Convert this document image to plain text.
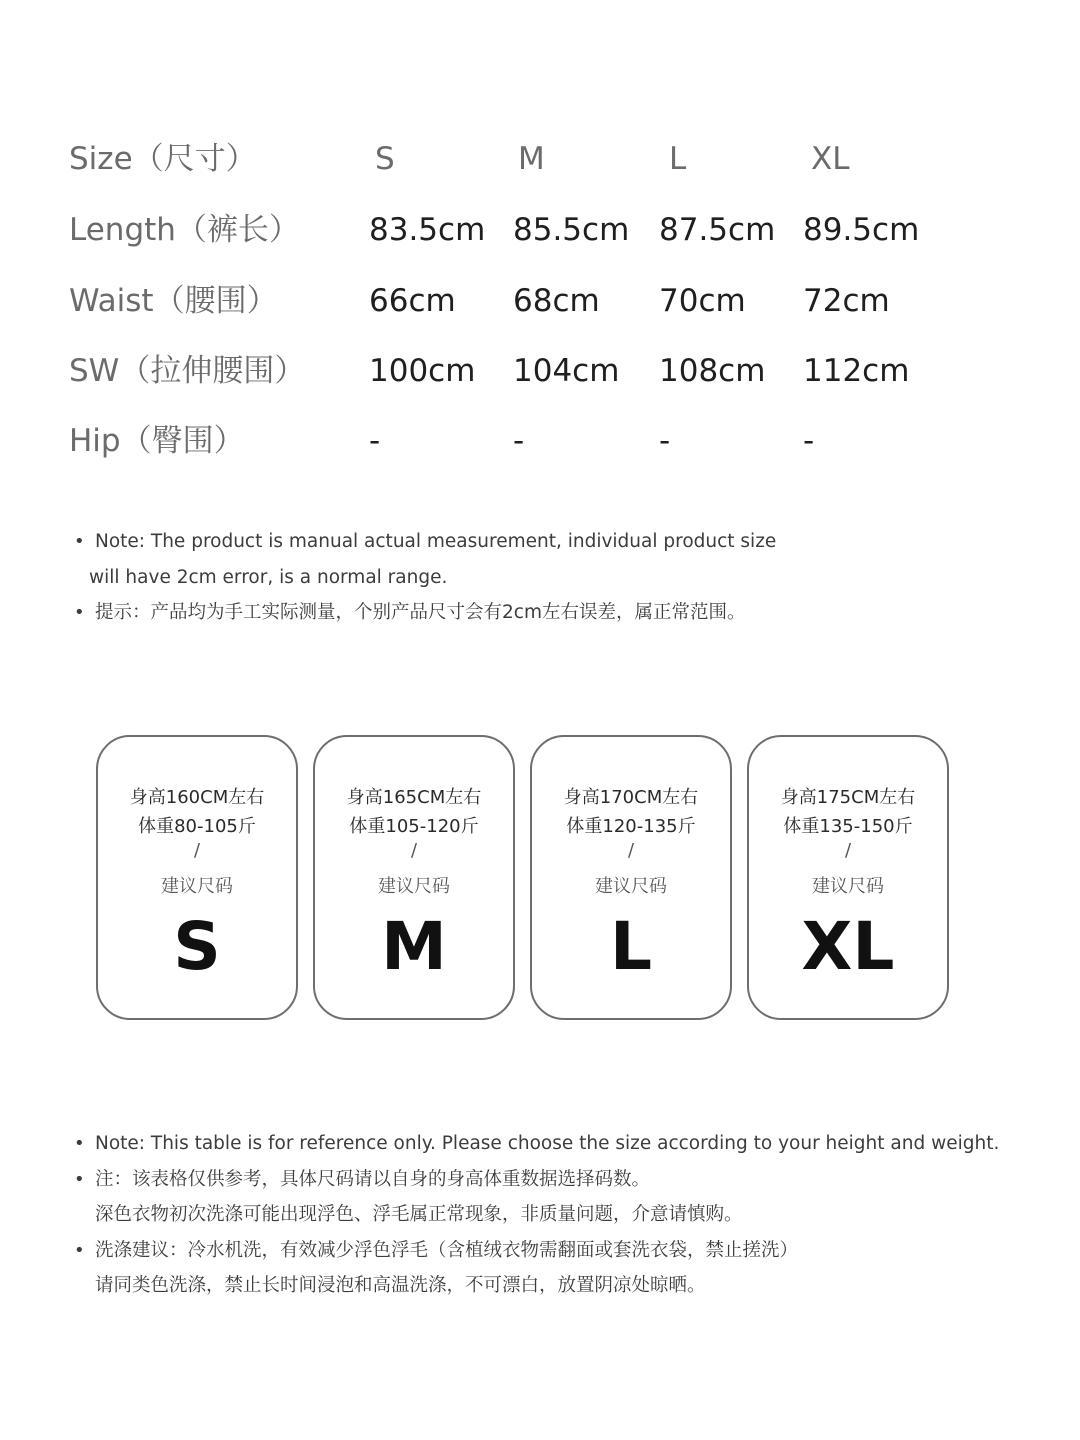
Size（尺寸）	S	M	L	XL
Length（裤长） 83.5cm 85.5cm 87.5cm 89.5cm
Waist（腰围）	66cm 68cm 70cm 72cm
SW（拉伸腰围） 100cm 104cm 108cm 112cm
Hip（臀围）	-	-	-	-
• Note: The product is manual actual measurement, individual product size
will have 2cm error, is a normal range.
• 提示：产品均为手工实际测量，个别产品尺寸会有2cm左右误差，属正常范围。
身高160CM左右
体重80-105斤
/
建议尺码
S
身高165CM左右
体重105-120斤
/
建议尺码
M
身高170CM左右
体重120-135斤
/
建议尺码
L
身高175CM左右
体重135-150斤
/
建议尺码
XL
• Note: This table is for reference only. Please choose the size according to your height and weight.
• 注：该表格仅供参考，具体尺码请以自身的身高体重数据选择码数。
深色衣物初次洗涤可能出现浮色、浮毛属正常现象，非质量问题，介意请慎购。
• 洗涤建议：冷水机洗，有效减少浮色浮毛（含植绒衣物需翻面或套洗衣袋，禁止搓洗）
请同类色洗涤，禁止长时间浸泡和高温洗涤，不可漂白，放置阴凉处晾晒。
